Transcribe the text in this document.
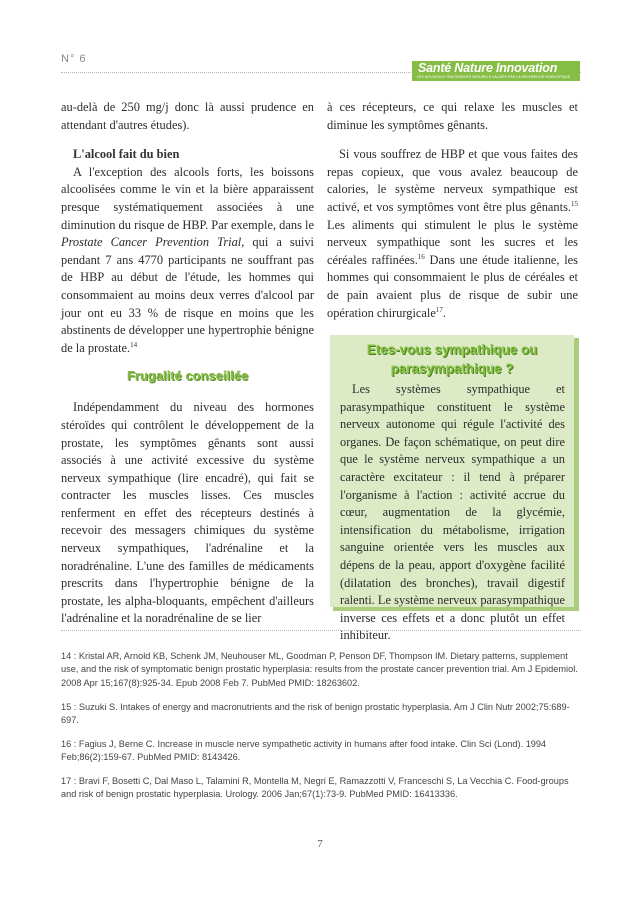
N° 6
Santé Nature Innovation
LES NOUVEAUX TRAITEMENTS NATURELS VALIDÉS PAR LA RECHERCHE SCIENTIFIQUE

au-delà de 250 mg/j donc là aussi prudence en attendant d'autres études).

L'alcool fait du bien

A l'exception des alcools forts, les boissons alcoolisées comme le vin et la bière apparaissent presque systématiquement associées à une diminution du risque de HBP. Par exemple, dans le Prostate Cancer Prevention Trial, qui a suivi pendant 7 ans 4770 participants ne souffrant pas de HBP au début de l'étude, les hommes qui consommaient au moins deux verres d'alcool par jour ont eu 33 % de risque en moins que les abstinents de développer une hypertrophie bénigne de la prostate.$^{14}$

Frugalité conseillée

Indépendamment du niveau des hormones stéroïdes qui contrôlent le développement de la prostate, les symptômes gênants sont aussi associés à une activité excessive du système nerveux sympathique (lire encadré), qui fait se contracter les muscles lisses. Ces muscles renferment en effet des récepteurs destinés à recevoir des messagers chimiques du système nerveux sympathiques, l'adrénaline et la noradrénaline. L'une des familles de médicaments prescrits dans l'hypertrophie bénigne de la prostate, les alpha-bloquants, empêchent d'ailleurs l'adrénaline et la noradrénaline de se lier

à ces récepteurs, ce qui relaxe les muscles et diminue les symptômes gênants.

Si vous souffrez de HBP et que vous faites des repas copieux, que vous avalez beaucoup de calories, le système nerveux sympathique est activé, et vos symptômes vont être plus gênants.$^{15}$ Les aliments qui stimulent le plus le système nerveux sympathique sont les sucres et les céréales raffinées.$^{16}$ Dans une étude italienne, les hommes qui consommaient le plus de céréales et de pain avaient plus de risque de subir une opération chirurgicale$^{17}$.

Etes-vous sympathique ou parasympathique ?

Les systèmes sympathique et parasympathique constituent le système nerveux autonome qui régule l'activité des organes. De façon schématique, on peut dire que le système nerveux sympathique a un caractère excitateur : il tend à préparer l'organisme à l'action : activité accrue du cœur, augmentation de la glycémie, intensification du métabolisme, irrigation sanguine orientée vers les muscles aux dépens de la peau, apport d'oxygène facilité (dilatation des bronches), travail digestif ralenti. Le système nerveux parasympathique inverse ces effets et a donc plutôt un effet inhibiteur.

14 : Kristal AR, Arnold KB, Schenk JM, Neuhouser ML, Goodman P, Penson DF, Thompson IM. Dietary patterns, supplement use, and the risk of symptomatic benign prostatic hyperplasia: results from the prostate cancer prevention trial. Am J Epidemiol. 2008 Apr 15;167(8):925-34. Epub 2008 Feb 7. PubMed PMID: 18263602.

15 : Suzuki S. Intakes of energy and macronutrients and the risk of benign prostatic hyperplasia. Am J Clin Nutr 2002;75:689-697.

16 : Fagius J, Berne C. Increase in muscle nerve sympathetic activity in humans after food intake. Clin Sci (Lond). 1994 Feb;86(2):159-67. PubMed PMID: 8143426.

17 : Bravi F, Bosetti C, Dal Maso L, Talamini R, Montella M, Negri E, Ramazzotti V, Franceschi S, La Vecchia C. Food-groups and risk of benign prostatic hyperplasia. Urology. 2006 Jan;67(1):73-9. PubMed PMID: 16413336.

7
